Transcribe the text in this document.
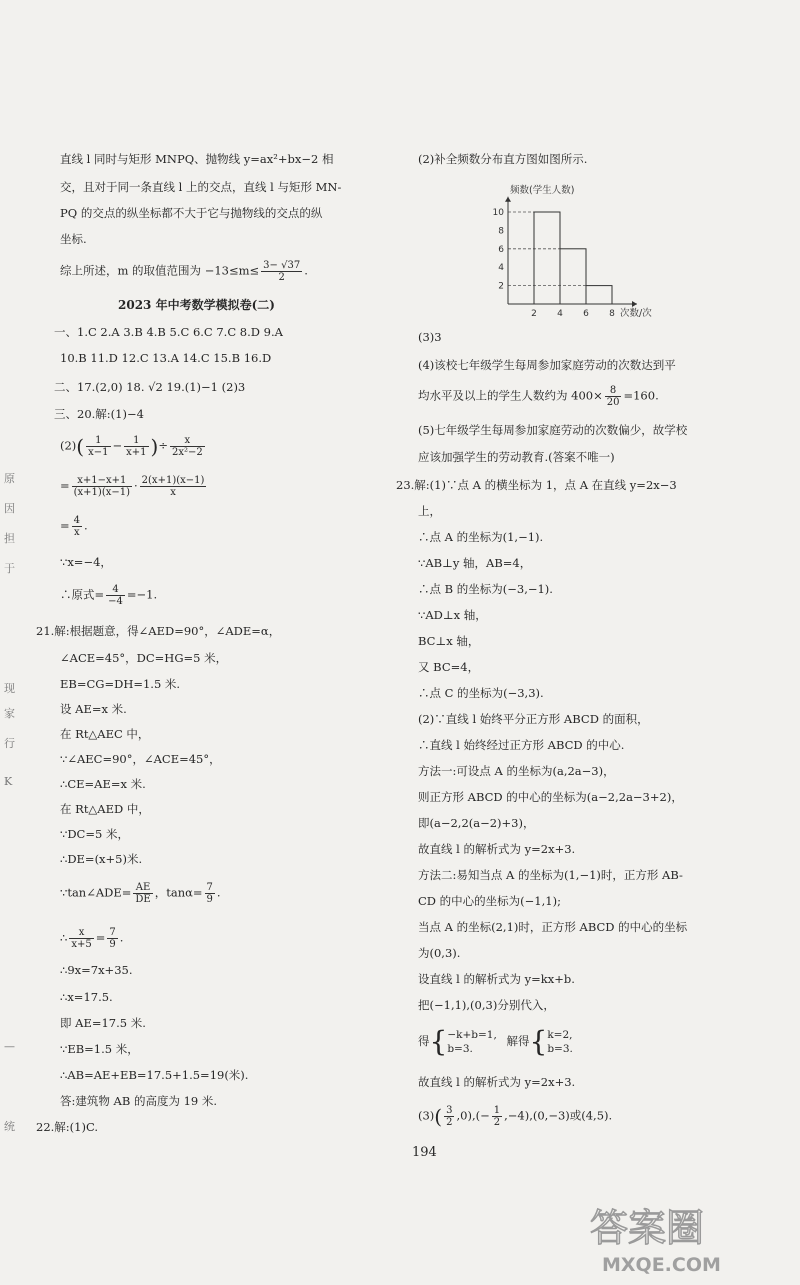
原
因
担
于
现
家
行
K
—
统
直线 l 同时与矩形 MNPQ、抛物线 y=ax²+bx−2 相
交，且对于同一条直线 l 上的交点，直线 l 与矩形 MN-
PQ 的交点的纵坐标都不大于它与抛物线的交点的纵
坐标.
综上所述，m 的取值范围为 $-13\le m\le \frac{3- √37}{2}$ .
2023 年中考数学模拟卷(二)
一、1.C 2.A 3.B 4.B 5.C 6.C 7.C 8.D 9.A
10.B 11.D 12.C 13.A 14.C 15.B 16.D
二、17.(2,0) 18. √2 19.(1)−1 (2)3
三、20.解:(1)−4
$(2)( \frac{1}{x-1} - \frac{1}{x+1}$ )÷ $\frac{x}{\text{2x²−2}}$
= $\frac{x+1-x+1}{(x+1)(x-1)} \cdot \frac{2(x+1)(x-1)}{x}$
= $\frac{4}{x}$ .
∵x=−4，
∴原式= $\frac{4}{-4} =-1$.
21.解:根据题意，得∠AED=90°，∠ADE=α，
∠ACE=45°，DC=HG=5 米，
EB=CG=DH=1.5 米.
设 AE=x 米.
在 Rt△AEC 中，
∵∠AEC=90°，∠ACE=45°，
∴CE=AE=x 米.
在 Rt△AED 中，
∵DC=5 米，
∴DE=(x+5)米.
∵tan∠ADE= $\frac{AE}{DE}$ ，$\tan\alpha= \frac{7}{9}$ .
∴ $\frac{x}{x+5} = \frac{7}{9}$ .
∴9x=7x+35.
∴x=17.5.
即 AE=17.5 米.
∵EB=1.5 米，
∴AB=AE+EB=17.5+1.5=19(米).
答:建筑物 AB 的高度为 19 米.
22.解:(1)C.
(2)补全频数分布直方图如图所示.
(3)3
(4)该校七年级学生每周参加家庭劳动的次数达到平
均水平及以上的学生人数约为 $400\times \frac{8}{20} =160$.
(5)七年级学生每周参加家庭劳动的次数偏少，故学校
应该加强学生的劳动教育.(答案不唯一)
23.解:(1)∵点 A 的横坐标为 1，点 A 在直线 y=2x−3
上，
∴点 A 的坐标为(1,−1).
∵AB⊥y 轴，AB=4，
∴点 B 的坐标为(−3,−1).
∵AD⊥x 轴，
BC⊥x 轴，
又 BC=4，
∴点 C 的坐标为(−3,3).
(2)∵直线 l 始终平分正方形 ABCD 的面积，
∴直线 l 始终经过正方形 ABCD 的中心.
方法一:可设点 A 的坐标为(a,2a−3)，
则正方形 ABCD 的中心的坐标为(a−2,2a−3+2)，
即(a−2,2(a−2)+3)，
故直线 l 的解析式为 y=2x+3.
方法二:易知当点 A 的坐标为(1,−1)时，正方形 AB-
CD 的中心的坐标为(−1,1);
当点 A 的坐标(2,1)时，正方形 ABCD 的中心的坐标
为(0,3).
设直线 l 的解析式为 y=kx+b.
把(−1,1),(0,3)分别代入，
得{ −k+b=1,
b=3.
解得{ k=2,
b=3.
故直线 l 的解析式为 y=2x+3.
$(3)( \frac{3}{2} ,0),(- \frac{1}{2} ,-4),(0,-3)$或(4,5).
2
4
6
8
10
2 4 6 8
频数(学生人数)
次数/次
194
答案圈
MXQE.COM
